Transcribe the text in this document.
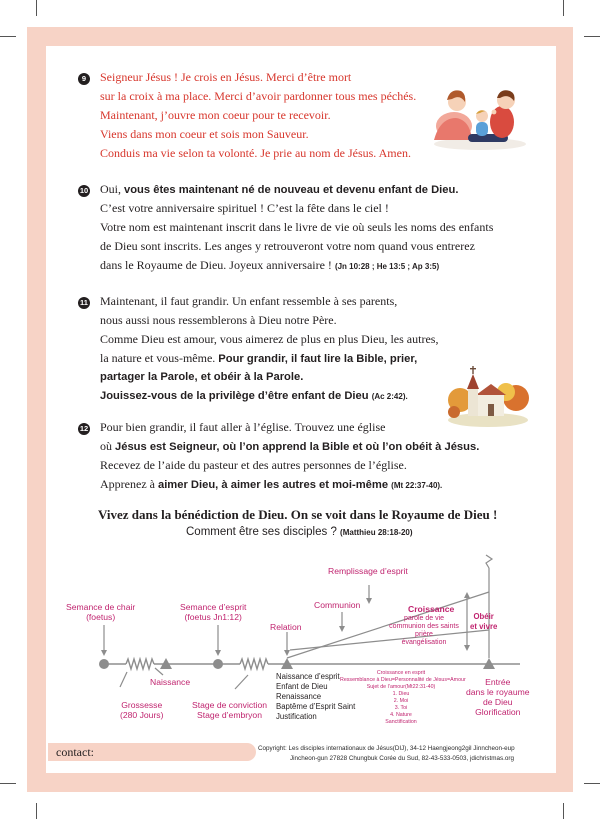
9	Seigneur Jésus ! Je crois en Jésus. Merci d’être mort
sur la croix à ma place. Merci d’avoir pardonner tous mes péchés.
Maintenant, j’ouvre mon coeur pour te recevoir.
Viens dans mon coeur et sois mon Sauveur.
Conduis ma vie selon ta volonté. Je prie au nom de Jésus. Amen.
10 Oui, vous êtes maintenant né de nouveau et devenu enfant de Dieu.
C’est votre anniversaire spirituel ! C’est la fête dans le ciel !
Votre nom est maintenant inscrit dans le livre de vie où seuls les noms des enfants
de Dieu sont inscrits. Les anges y retrouveront votre nom quand vous entrerez
dans le Royaume de Dieu. Joyeux anniversaire ! (Jn 10:28 ; He 13:5 ; Ap 3:5)
11 Maintenant, il faut grandir. Un enfant ressemble à ses parents,
nous aussi nous ressemblerons à Dieu notre Père.
Comme Dieu est amour, vous aimerez de plus en plus Dieu, les autres,
la nature et vous-même. Pour grandir, il faut lire la Bible, prier,
partager la Parole, et obéir à la Parole.
Jouissez-vous de la privilège d’être enfant de Dieu (Ac 2:42).
12 Pour bien grandir, il faut aller à l’église. Trouvez une église
où Jésus est Seigneur, où l’on apprend la Bible et où l’on obéit à Jésus.
Recevez de l’aide du pasteur et des autres personnes de l’église.
Apprenez à aimer Dieu, à aimer les autres et moi-même (Mt 22:37-40).
Vivez dans la bénédiction de Dieu. On se voit dans le Royaume de Dieu !
Comment être ses disciples ? (Matthieu 28:18-20)
Remplissage d’esprit
Communion
Relation
Semance de chair
(foetus)
Semance d’esprit
(foetus Jn1:12)
Naissance
Grossesse
(280 Jours)
Stage de conviction
Stage d’embryon
Croissance
parole de vie
communion des saints
prière
évangélisation
Obéir
et vivre
Naissance d’esprit
Enfant de Dieu
Renaissance
Baptême d’Esprit Saint
Justification
Croissance en esprit
Ressemblance à Dieu=Personnalité de Jésus=Amour
Sujet de l’amour(Mt22:31-40)
1. Dieu
2. Moi
3. Toi
4. Nature
Sanctification
Entrée
dans le royaume
de Dieu
Glorification
contact:	Copyright: Les disciples internationaux de Jésus(DIJ), 34-12 Haengjeong2gil Jinncheon-eup
Jincheon-gun 27828 Chungbuk Corée du Sud, 82-43-533-0503, jdichristmas.org
